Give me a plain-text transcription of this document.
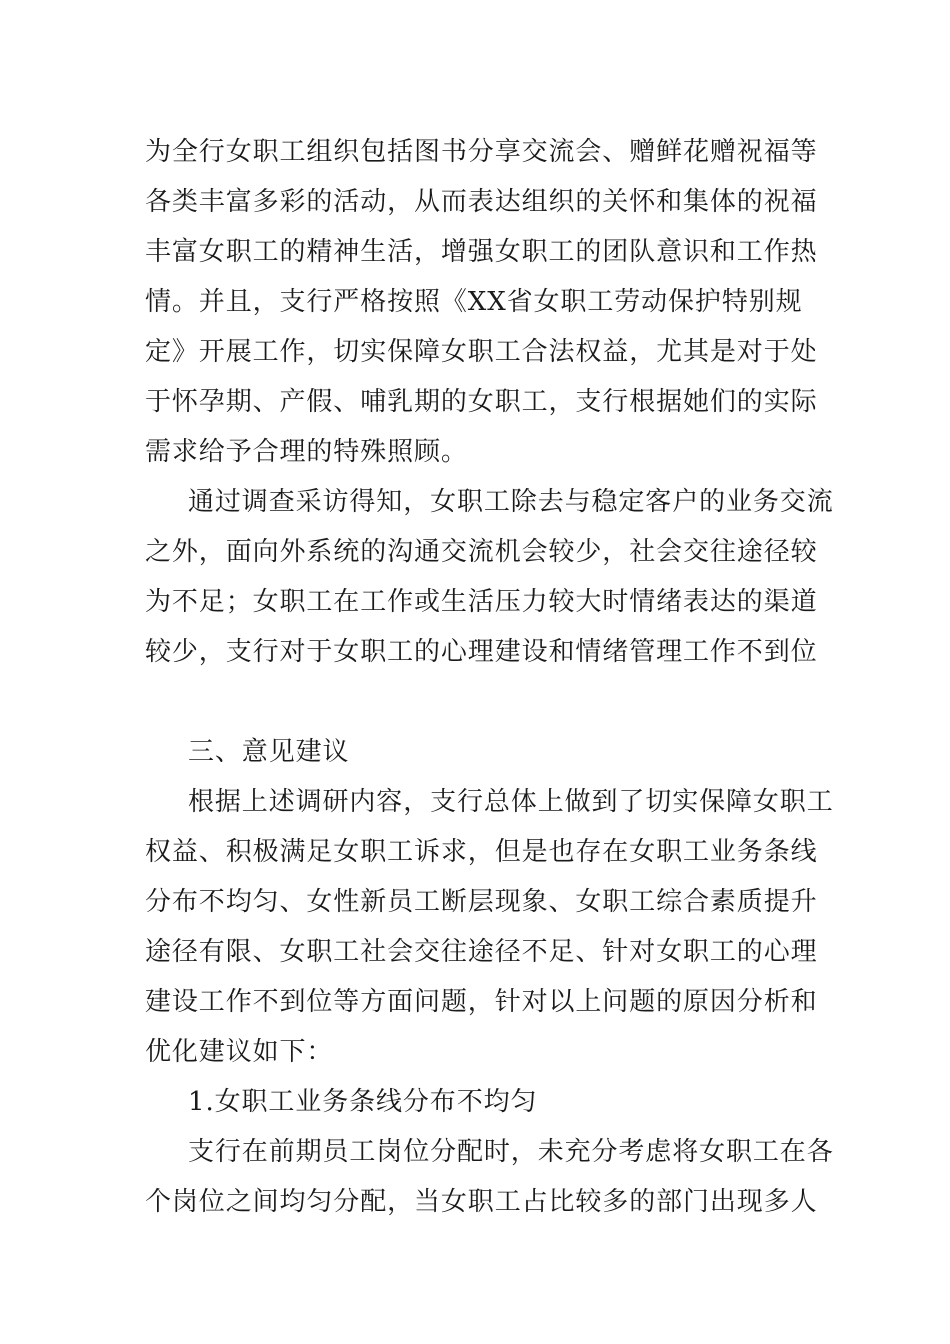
为全行女职工组织包括图书分享交流会、赠鲜花赠祝福等
各类丰富多彩的活动，从而表达组织的关怀和集体的祝福
丰富女职工的精神生活，增强女职工的团队意识和工作热
情。并且，支行严格按照《XX省女职工劳动保护特别规
定》开展工作，切实保障女职工合法权益，尤其是对于处
于怀孕期、产假、哺乳期的女职工，支行根据她们的实际
需求给予合理的特殊照顾。
通过调查采访得知，女职工除去与稳定客户的业务交流
之外，面向外系统的沟通交流机会较少，社会交往途径较
为不足；女职工在工作或生活压力较大时情绪表达的渠道
较少，支行对于女职工的心理建设和情绪管理工作不到位
三、意见建议
根据上述调研内容，支行总体上做到了切实保障女职工
权益、积极满足女职工诉求，但是也存在女职工业务条线
分布不均匀、女性新员工断层现象、女职工综合素质提升
途径有限、女职工社会交往途径不足、针对女职工的心理
建设工作不到位等方面问题，针对以上问题的原因分析和
优化建议如下：
1.女职工业务条线分布不均匀
支行在前期员工岗位分配时，未充分考虑将女职工在各
个岗位之间均匀分配，当女职工占比较多的部门出现多人
